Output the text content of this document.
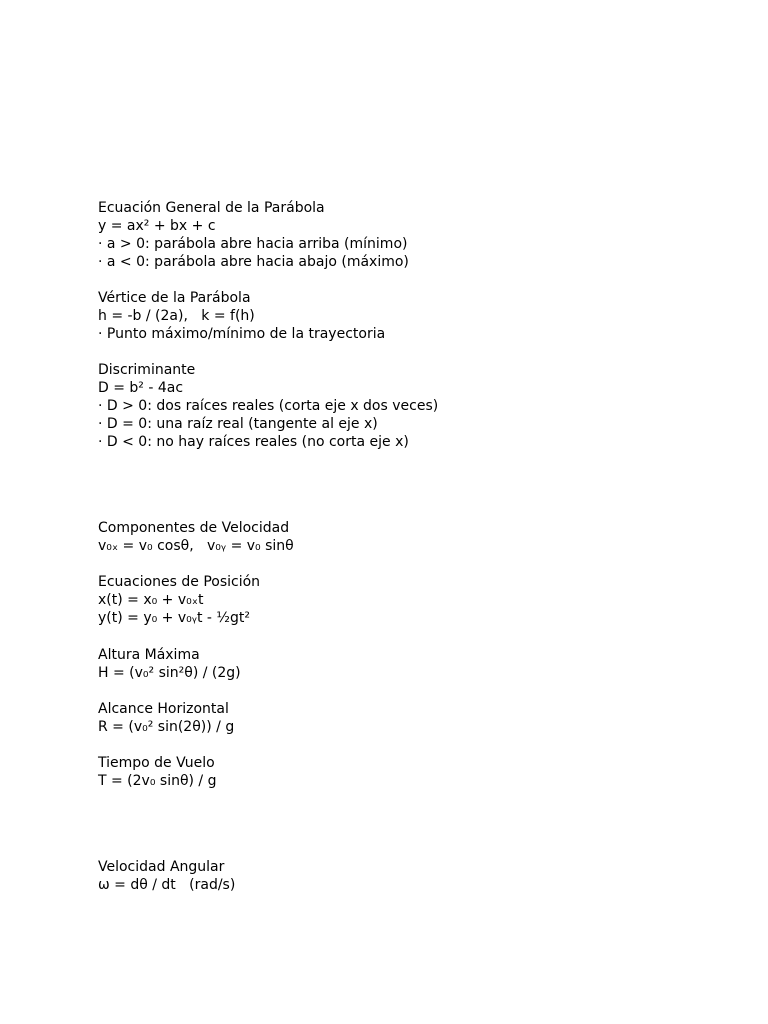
Ecuación General de la Parábola
y = ax² + bx + c
· a > 0: parábola abre hacia arriba (mínimo)
· a < 0: parábola abre hacia abajo (máximo)
Vértice de la Parábola
h = -b / (2a),   k = f(h)
· Punto máximo/mínimo de la trayectoria
Discriminante
D = b² - 4ac
· D > 0: dos raíces reales (corta eje x dos veces)
· D = 0: una raíz real (tangente al eje x)
· D < 0: no hay raíces reales (no corta eje x)
Componentes de Velocidad
v₀ₓ = v₀ cosθ,   v₀ᵧ = v₀ sinθ
Ecuaciones de Posición
x(t) = x₀ + v₀ₓt
y(t) = y₀ + v₀ᵧt - ½gt²
Altura Máxima
H = (v₀² sin²θ) / (2g)
Alcance Horizontal
R = (v₀² sin(2θ)) / g
Tiempo de Vuelo
T = (2v₀ sinθ) / g
Velocidad Angular
ω = dθ / dt   (rad/s)
